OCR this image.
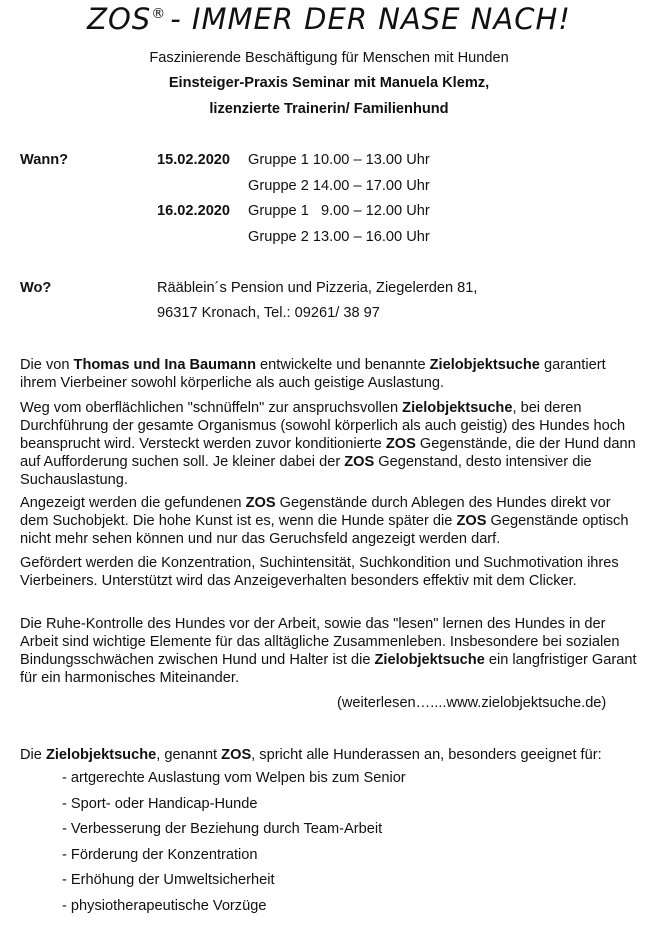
ZOS® - IMMER DER NASE NACH!
Faszinierende Beschäftigung für Menschen mit Hunden
Einsteiger-Praxis Seminar mit Manuela Klemz,
lizenzierte Trainerin/ Familienhund
Wann?	15.02.2020 Gruppe 1 10.00 – 13.00 Uhr
Gruppe 2 14.00 – 17.00 Uhr
16.02.2020 Gruppe 1   9.00 – 12.00 Uhr
Gruppe 2 13.00 – 16.00 Uhr
Wo?	Rääblein´s Pension und Pizzeria, Ziegelerden 81,
96317 Kronach, Tel.: 09261/ 38 97
Die von Thomas und Ina Baumann entwickelte und benannte Zielobjektsuche garantiert ihrem Vierbeiner sowohl körperliche als auch geistige Auslastung.
Weg vom oberflächlichen "schnüffeln" zur anspruchsvollen Zielobjektsuche, bei deren Durchführung der gesamte Organismus (sowohl körperlich als auch geistig) des Hundes hoch beansprucht wird. Versteckt werden zuvor konditionierte ZOS Gegenstände, die der Hund dann auf Aufforderung suchen soll. Je kleiner dabei der ZOS Gegenstand, desto intensiver die Suchauslastung.
Angezeigt werden die gefundenen ZOS Gegenstände durch Ablegen des Hundes direkt vor dem Suchobjekt. Die hohe Kunst ist es, wenn die Hunde später die ZOS Gegenstände optisch nicht mehr sehen können und nur das Geruchsfeld angezeigt werden darf.
Gefördert werden die Konzentration, Suchintensität, Suchkondition und Suchmotivation ihres Vierbeiners. Unterstützt wird das Anzeigeverhalten besonders effektiv mit dem Clicker.
Die Ruhe-Kontrolle des Hundes vor der Arbeit, sowie das "lesen" lernen des Hundes in der Arbeit sind wichtige Elemente für das alltägliche Zusammenleben. Insbesondere bei sozialen Bindungsschwächen zwischen Hund und Halter ist die Zielobjektsuche ein langfristiger Garant für ein harmonisches Miteinander.
(weiterlesen…....www.zielobjektsuche.de)
Die Zielobjektsuche, genannt ZOS, spricht alle Hunderassen an, besonders geeignet für:
- artgerechte Auslastung vom Welpen bis zum Senior
- Sport- oder Handicap-Hunde
- Verbesserung der Beziehung durch Team-Arbeit
- Förderung der Konzentration
- Erhöhung der Umweltsicherheit
- physiotherapeutische Vorzüge
